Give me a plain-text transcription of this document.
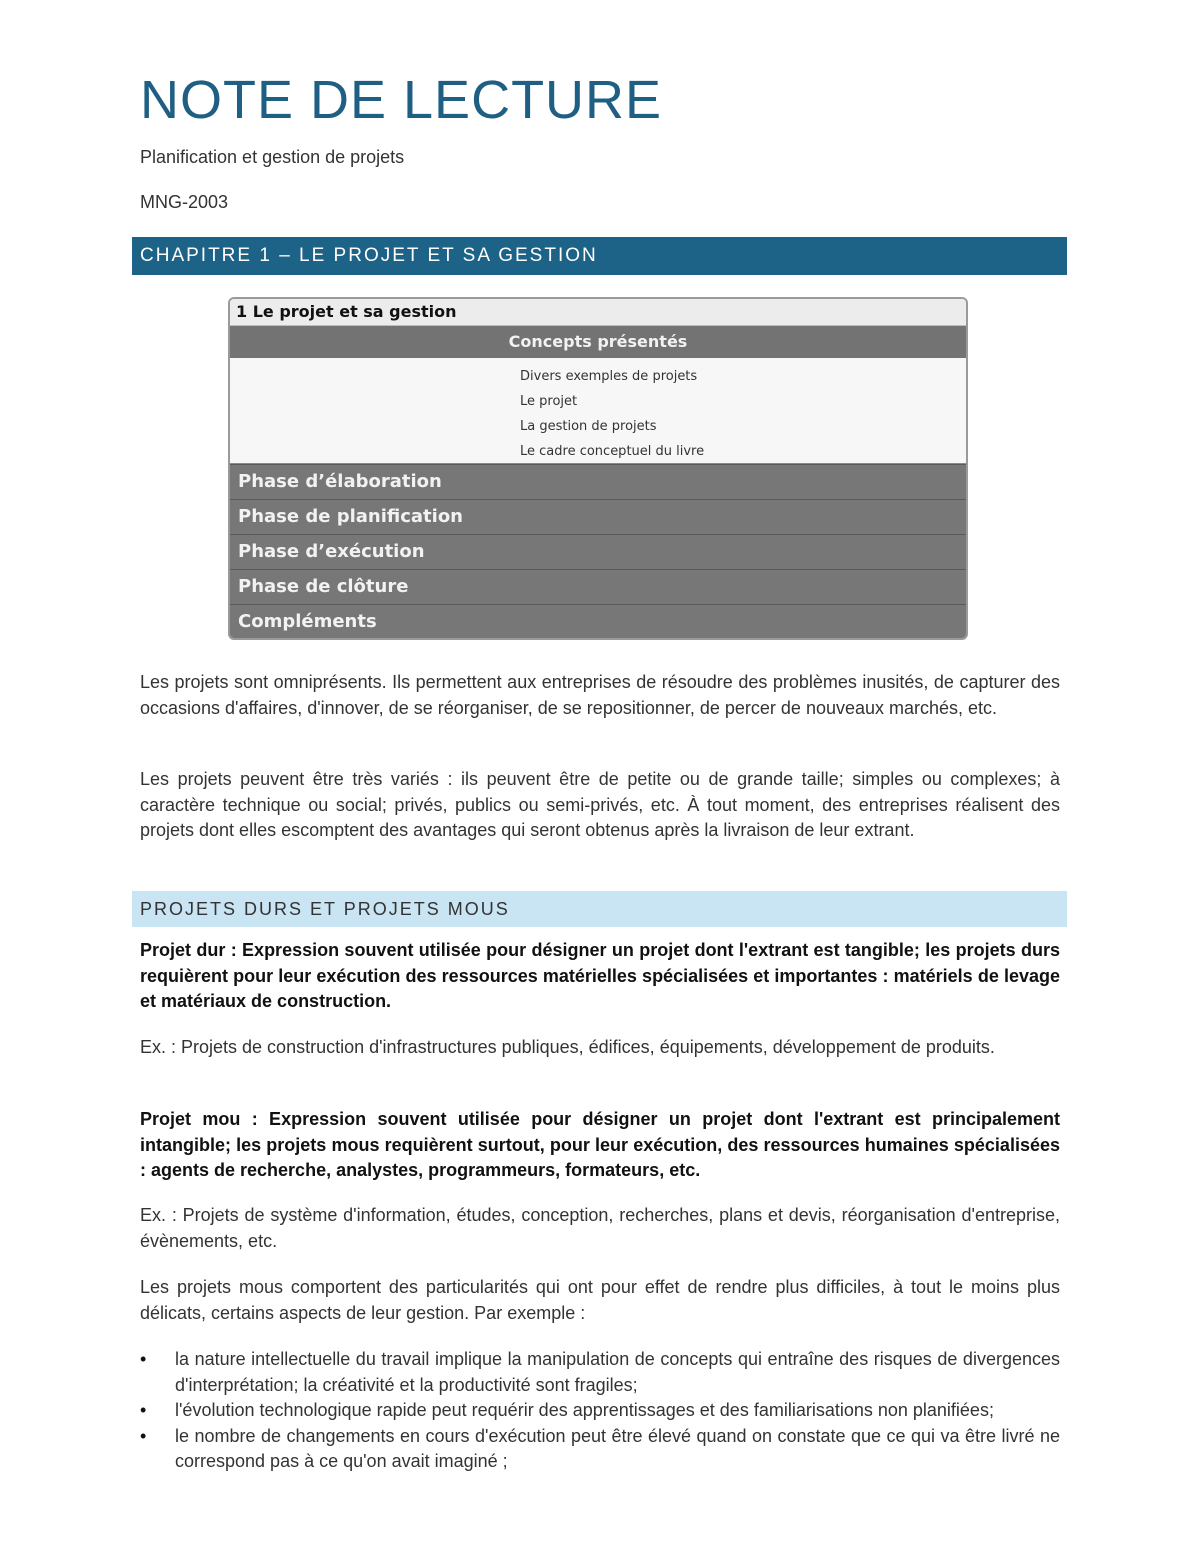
NOTE DE LECTURE
Planification et gestion de projets
MNG-2003
CHAPITRE 1 – LE PROJET ET SA GESTION
1 Le projet et sa gestion
Concepts présentés
Divers exemples de projets
Le projet
La gestion de projets
Le cadre conceptuel du livre
Phase d’élaboration
Phase de planification
Phase d’exécution
Phase de clôture
Compléments

Les projets sont omniprésents. Ils permettent aux entreprises de résoudre des problèmes inusités, de capturer des occasions d'affaires, d'innover, de se réorganiser, de se repositionner, de percer de nouveaux marchés, etc.

Les projets peuvent être très variés : ils peuvent être de petite ou de grande taille; simples ou complexes; à caractère technique ou social; privés, publics ou semi-privés, etc. À tout moment, des entreprises réalisent des projets dont elles escomptent des avantages qui seront obtenus après la livraison de leur extrant.

PROJETS DURS ET PROJETS MOUS

Projet dur : Expression souvent utilisée pour désigner un projet dont l'extrant est tangible; les projets durs requièrent pour leur exécution des ressources matérielles spécialisées et importantes : matériels de levage et matériaux de construction.

Ex. : Projets de construction d'infrastructures publiques, édifices, équipements, développement de produits.

Projet mou : Expression souvent utilisée pour désigner un projet dont l'extrant est principalement intangible; les projets mous requièrent surtout, pour leur exécution, des ressources humaines spécialisées : agents de recherche, analystes, programmeurs, formateurs, etc.

Ex. : Projets de système d'information, études, conception, recherches, plans et devis, réorganisation d'entreprise, évènements, etc.

Les projets mous comportent des particularités qui ont pour effet de rendre plus difficiles, à tout le moins plus délicats, certains aspects de leur gestion. Par exemple :

• la nature intellectuelle du travail implique la manipulation de concepts qui entraîne des risques de divergences d'interprétation; la créativité et la productivité sont fragiles;
• l'évolution technologique rapide peut requérir des apprentissages et des familiarisations non planifiées;
• le nombre de changements en cours d'exécution peut être élevé quand on constate que ce qui va être livré ne correspond pas à ce qu'on avait imaginé ;
